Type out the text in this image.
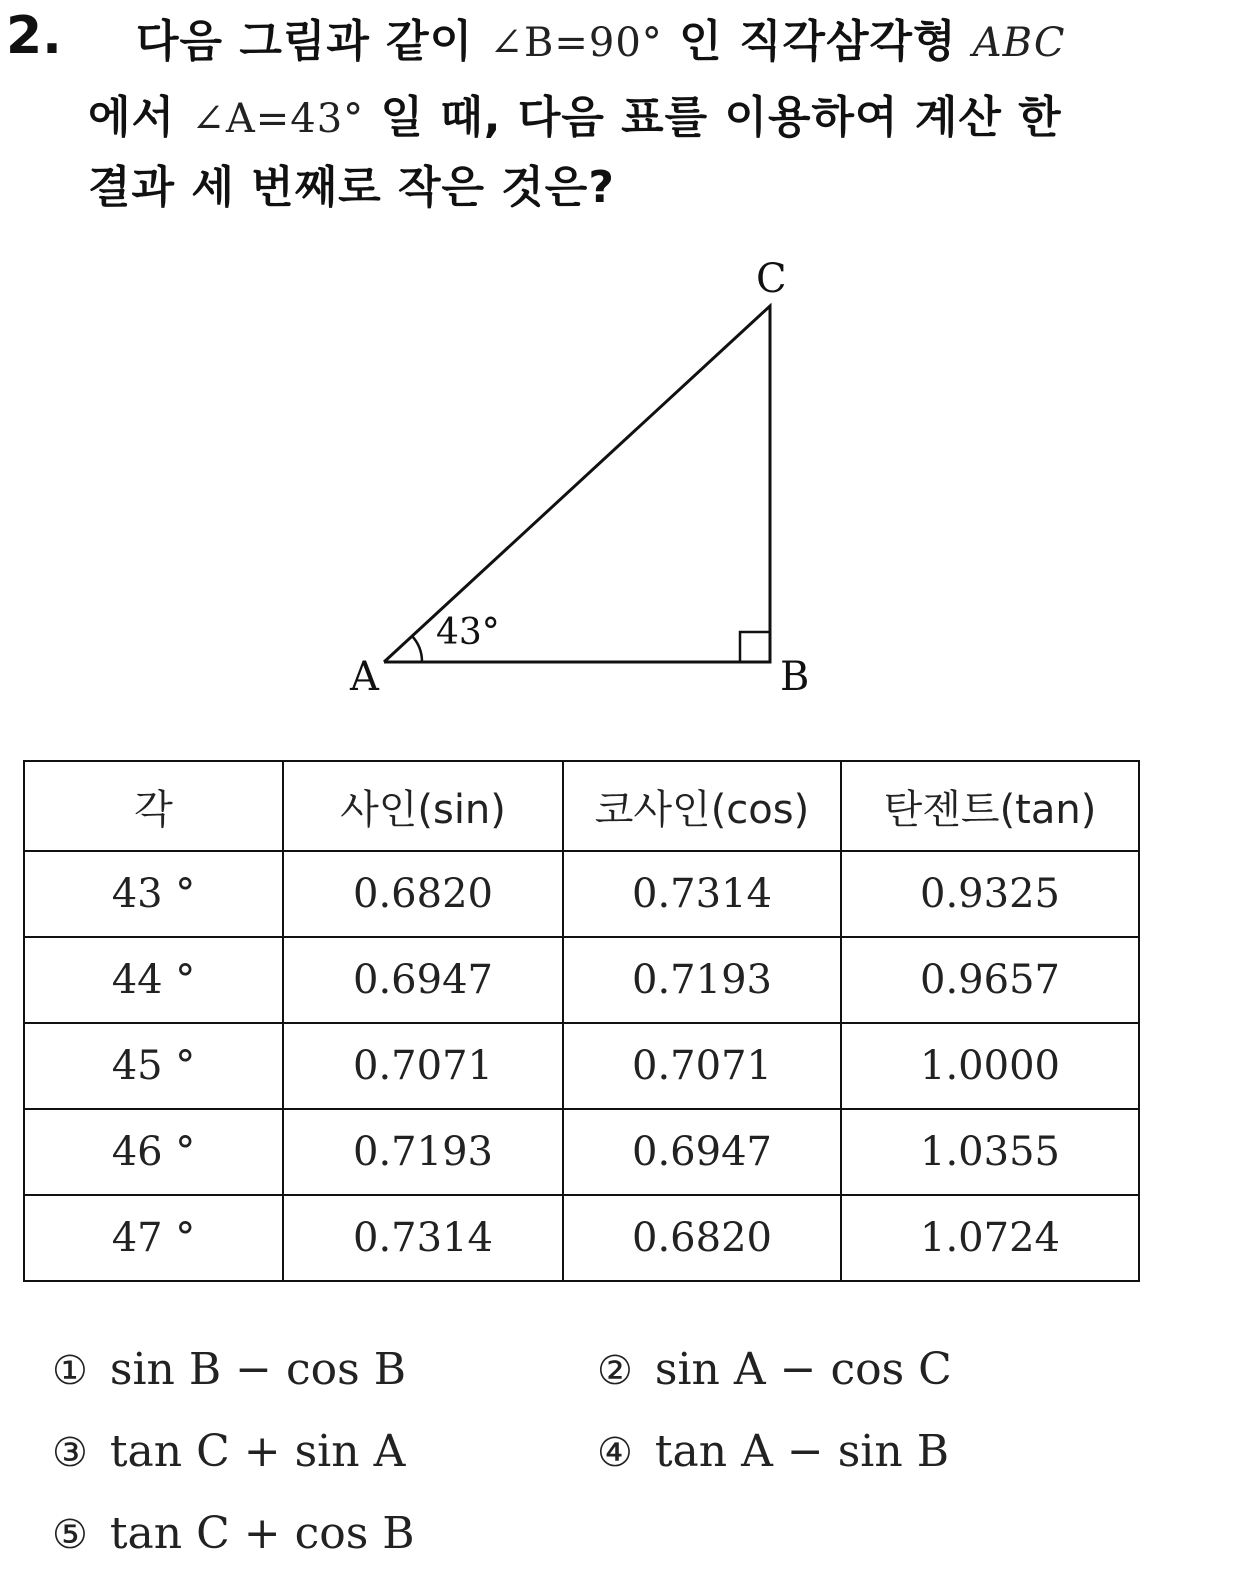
2. 다음 그림과 같이 ∠B=90° 인 직각삼각형 ABC
에서 ∠A=43° 일 때, 다음 표를 이용하여 계산 한
결과 세 번째로 작은 것은?
A	B
C
43°
각	사인(sin)	코사인(cos)	탄젠트(tan)
43 °	0.6820	0.7314	0.9325
44 °	0.6947	0.7193	0.9657
45 °	0.7071	0.7071	1.0000
46 °	0.7193	0.6947	1.0355
47 °	0.7314	0.6820	1.0724
① sin B − cos B	② sin A − cos C
③ tan C + sin A	④ tan A − sin B
⑤ tan C + cos B
